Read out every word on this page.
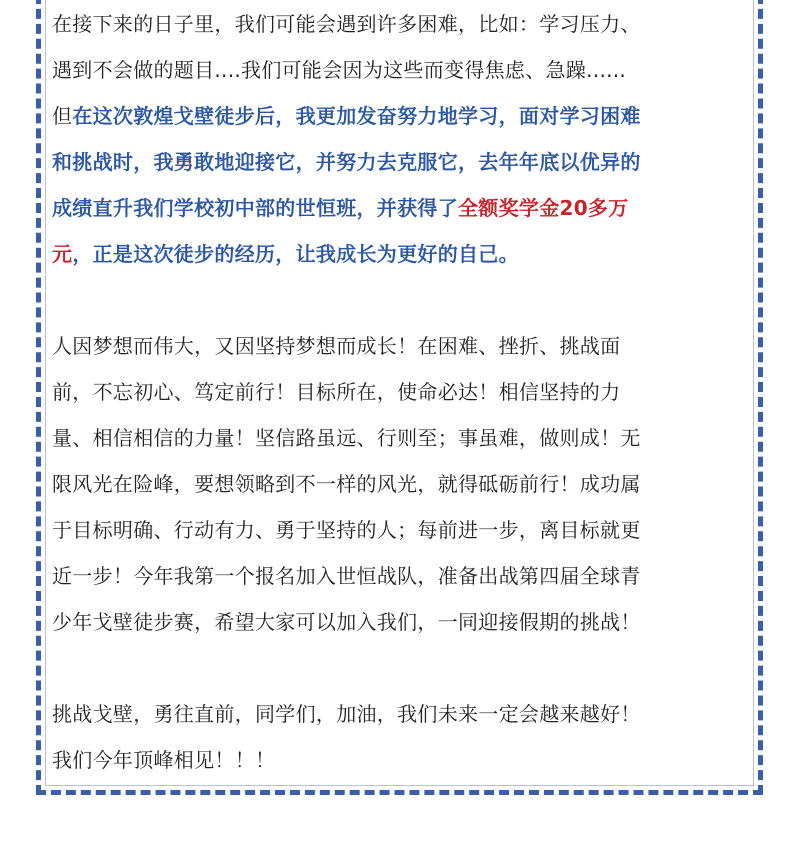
在接下来的日子里，我们可能会遇到许多困难，比如：学习压力、
遇到不会做的题目....我们可能会因为这些而变得焦虑、急躁......
但在这次敦煌戈壁徒步后，我更加发奋努力地学习，面对学习困难
和挑战时，我勇敢地迎接它，并努力去克服它，去年年底以优异的
成绩直升我们学校初中部的世恒班，并获得了全额奖学金20多万
元，正是这次徒步的经历，让我成长为更好的自己。

人因梦想而伟大，又因坚持梦想而成长！在困难、挫折、挑战面
前，不忘初心、笃定前行！目标所在，使命必达！相信坚持的力
量、相信相信的力量！坚信路虽远、行则至；事虽难，做则成！无
限风光在险峰，要想领略到不一样的风光，就得砥砺前行！成功属
于目标明确、行动有力、勇于坚持的人；每前进一步，离目标就更
近一步！今年我第一个报名加入世恒战队，准备出战第四届全球青
少年戈壁徒步赛，希望大家可以加入我们，一同迎接假期的挑战！

挑战戈壁，勇往直前，同学们，加油，我们未来一定会越来越好！
我们今年顶峰相见！！！
